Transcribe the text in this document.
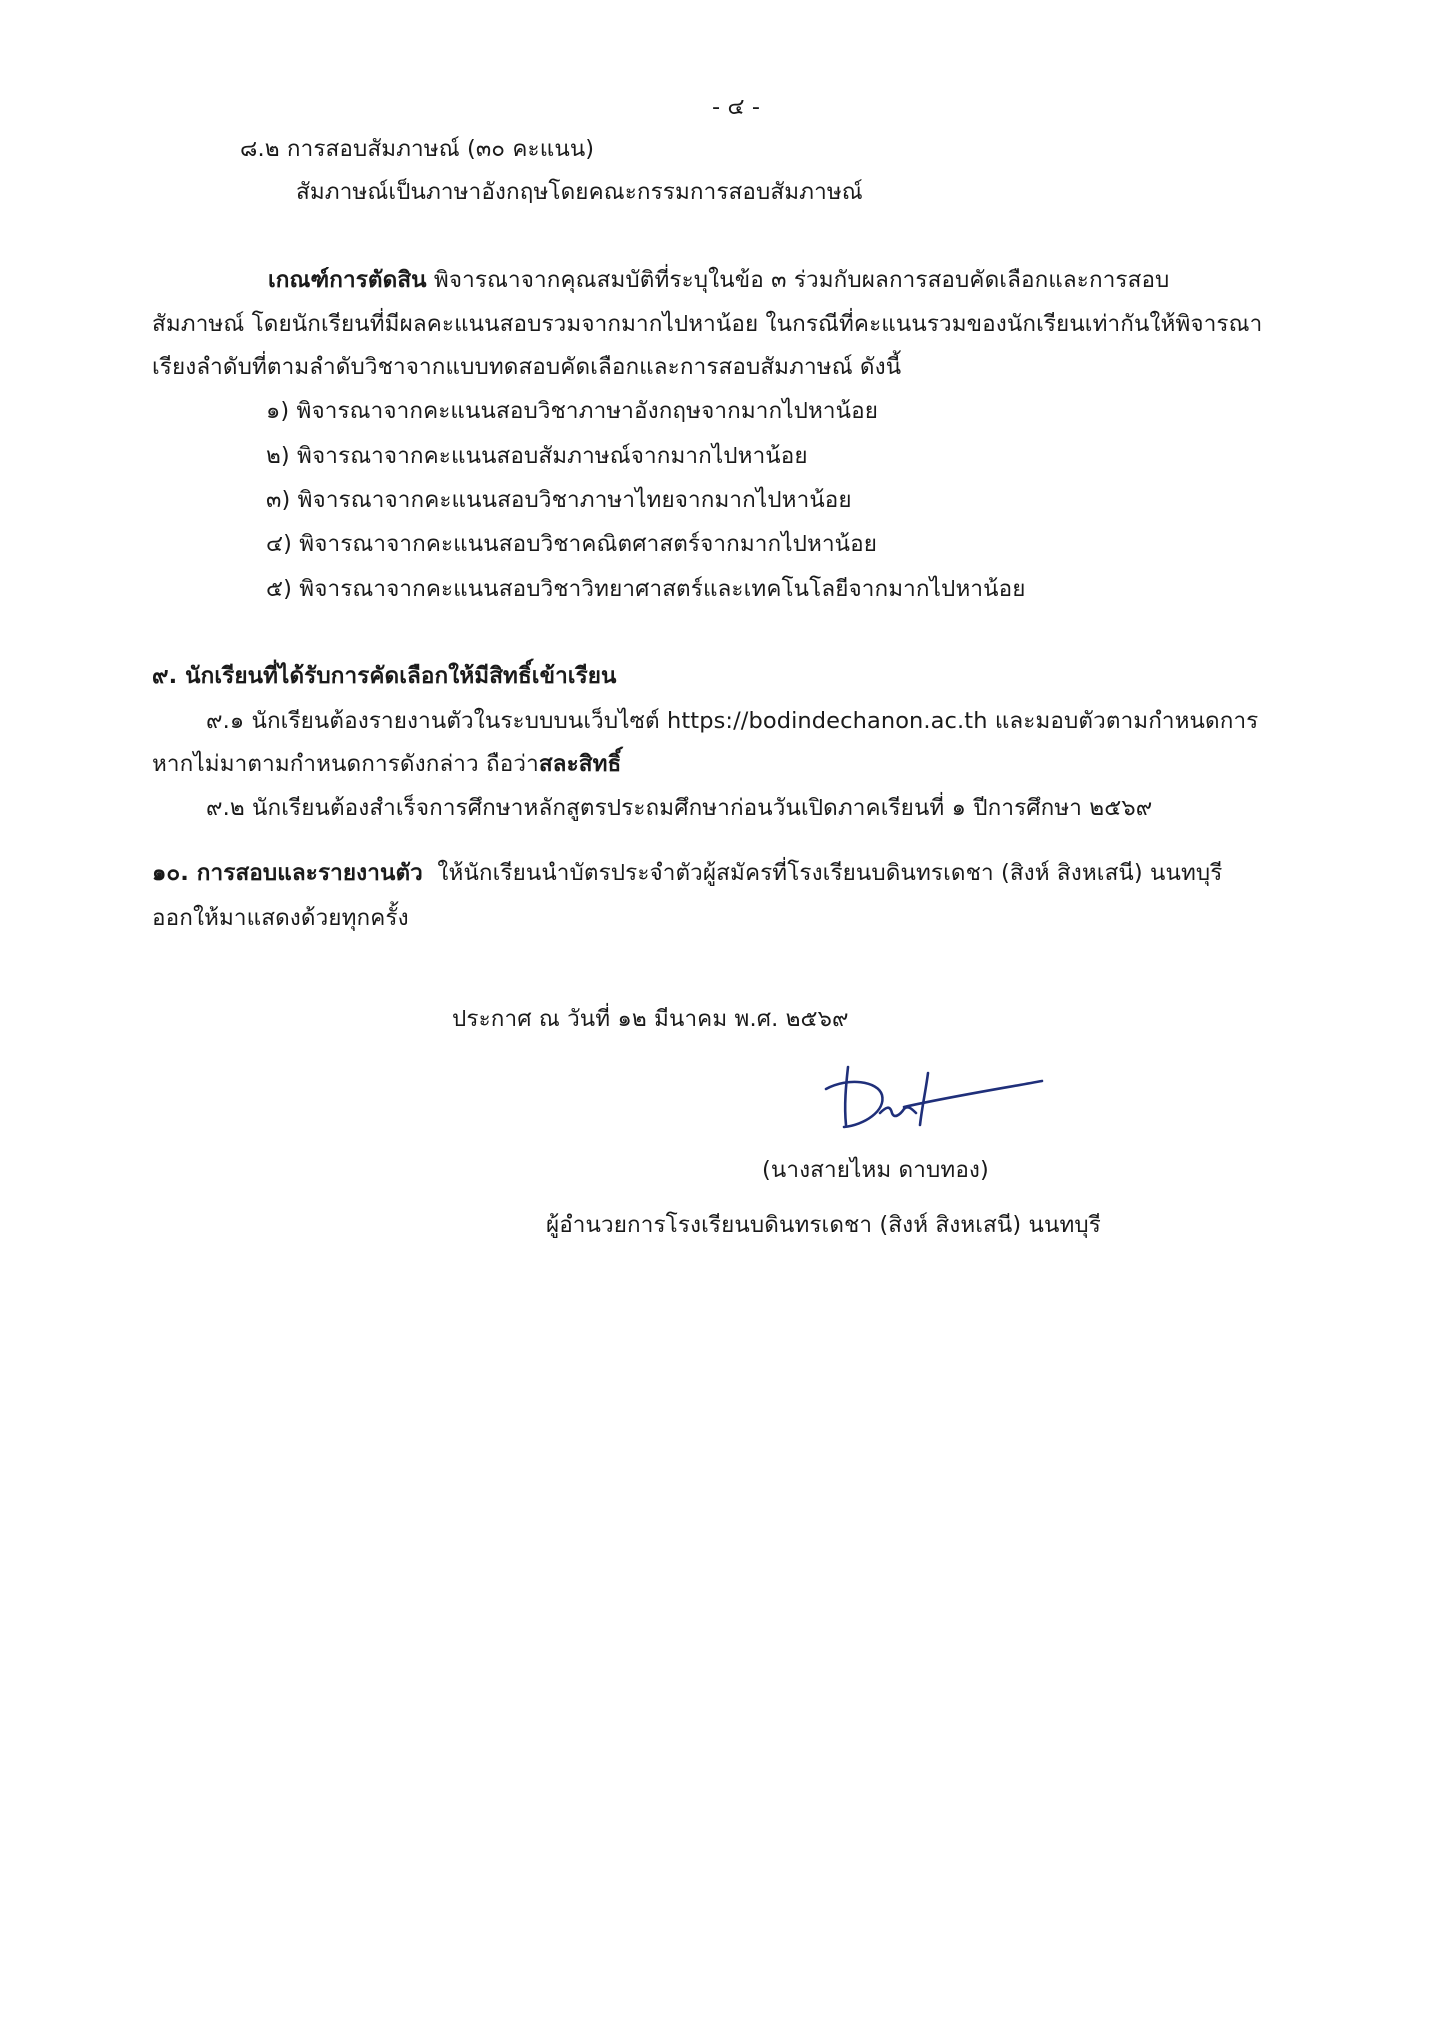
- ๔ -

๘.๒ การสอบสัมภาษณ์ (๓๐ คะแนน)

สัมภาษณ์เป็นภาษาอังกฤษโดยคณะกรรมการสอบสัมภาษณ์

เกณฑ์การตัดสิน พิจารณาจากคุณสมบัติที่ระบุในข้อ ๓ ร่วมกับผลการสอบคัดเลือกและการสอบ

สัมภาษณ์ โดยนักเรียนที่มีผลคะแนนสอบรวมจากมากไปหาน้อย ในกรณีที่คะแนนรวมของนักเรียนเท่ากันให้พิจารณา

เรียงลำดับที่ตามลำดับวิชาจากแบบทดสอบคัดเลือกและการสอบสัมภาษณ์ ดังนี้

๑) พิจารณาจากคะแนนสอบวิชาภาษาอังกฤษจากมากไปหาน้อย

๒) พิจารณาจากคะแนนสอบสัมภาษณ์จากมากไปหาน้อย

๓) พิจารณาจากคะแนนสอบวิชาภาษาไทยจากมากไปหาน้อย

๔) พิจารณาจากคะแนนสอบวิชาคณิตศาสตร์จากมากไปหาน้อย

๕) พิจารณาจากคะแนนสอบวิชาวิทยาศาสตร์และเทคโนโลยีจากมากไปหาน้อย

๙. นักเรียนที่ได้รับการคัดเลือกให้มีสิทธิ์เข้าเรียน

๙.๑ นักเรียนต้องรายงานตัวในระบบบนเว็บไซต์ https://bodindechanon.ac.th และมอบตัวตามกำหนดการ

หากไม่มาตามกำหนดการดังกล่าว ถือว่าสละสิทธิ์

๙.๒ นักเรียนต้องสำเร็จการศึกษาหลักสูตรประถมศึกษาก่อนวันเปิดภาคเรียนที่ ๑ ปีการศึกษา ๒๕๖๙

๑๐. การสอบและรายงานตัว ให้นักเรียนนำบัตรประจำตัวผู้สมัครที่โรงเรียนบดินทรเดชา (สิงห์ สิงหเสนี) นนทบุรี

ออกให้มาแสดงด้วยทุกครั้ง

ประกาศ ณ วันที่ ๑๒ มีนาคม พ.ศ. ๒๕๖๙

(นางสายไหม ดาบทอง)

ผู้อำนวยการโรงเรียนบดินทรเดชา (สิงห์ สิงหเสนี) นนทบุรี
